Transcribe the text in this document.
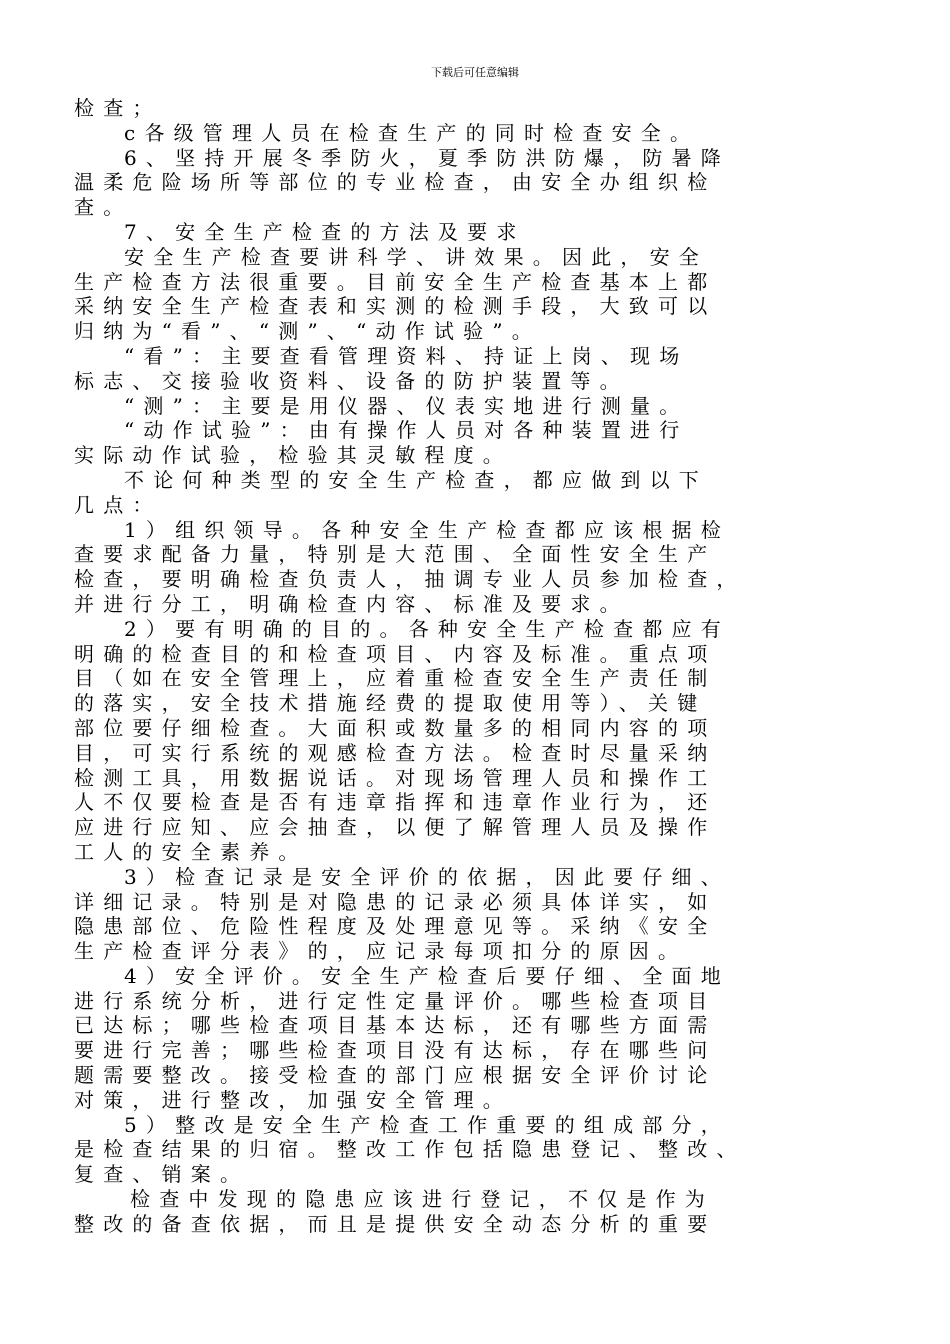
下载后可任意编辑
检查；
c各级管理人员在检查生产的同时检查安全。
6、坚持开展冬季防火，夏季防洪防爆，防暑降
温柔危险场所等部位的专业检查，由安全办组织检
查。
7、安全生产检查的方法及要求
安全生产检查要讲科学、讲效果。因此，安全
生产检查方法很重要。目前安全生产检查基本上都
采纳安全生产检查表和实测的检测手段，大致可以
归纳为“看”、“测”、“动作试验”。
“看”：主要查看管理资料、持证上岗、现场
标志、交接验收资料、设备的防护装置等。
“测”：主要是用仪器、仪表实地进行测量。
“动作试验”：由有操作人员对各种装置进行
实际动作试验，检验其灵敏程度。
不论何种类型的安全生产检查，都应做到以下
几点：
1）组织领导。各种安全生产检查都应该根据检
查要求配备力量，特别是大范围、全面性安全生产
检查，要明确检查负责人，抽调专业人员参加检查，
并进行分工，明确检查内容、标准及要求。
2）要有明确的目的。各种安全生产检查都应有
明确的检查目的和检查项目、内容及标准。重点项
目（如在安全管理上，应着重检查安全生产责任制
的落实，安全技术措施经费的提取使用等）、关键
部位要仔细检查。大面积或数量多的相同内容的项
目，可实行系统的观感检查方法。检查时尽量采纳
检测工具，用数据说话。对现场管理人员和操作工
人不仅要检查是否有违章指挥和违章作业行为，还
应进行应知、应会抽查，以便了解管理人员及操作
工人的安全素养。
3）检查记录是安全评价的依据，因此要仔细、
详细记录。特别是对隐患的记录必须具体详实，如
隐患部位、危险性程度及处理意见等。采纳《安全
生产检查评分表》的，应记录每项扣分的原因。
4）安全评价。安全生产检查后要仔细、全面地
进行系统分析，进行定性定量评价。哪些检查项目
已达标；哪些检查项目基本达标，还有哪些方面需
要进行完善；哪些检查项目没有达标，存在哪些问
题需要整改。接受检查的部门应根据安全评价讨论
对策，进行整改，加强安全管理。
5）整改是安全生产检查工作重要的组成部分，
是检查结果的归宿。整改工作包括隐患登记、整改、
复查、销案。
检查中发现的隐患应该进行登记，不仅是作为
整改的备查依据，而且是提供安全动态分析的重要
